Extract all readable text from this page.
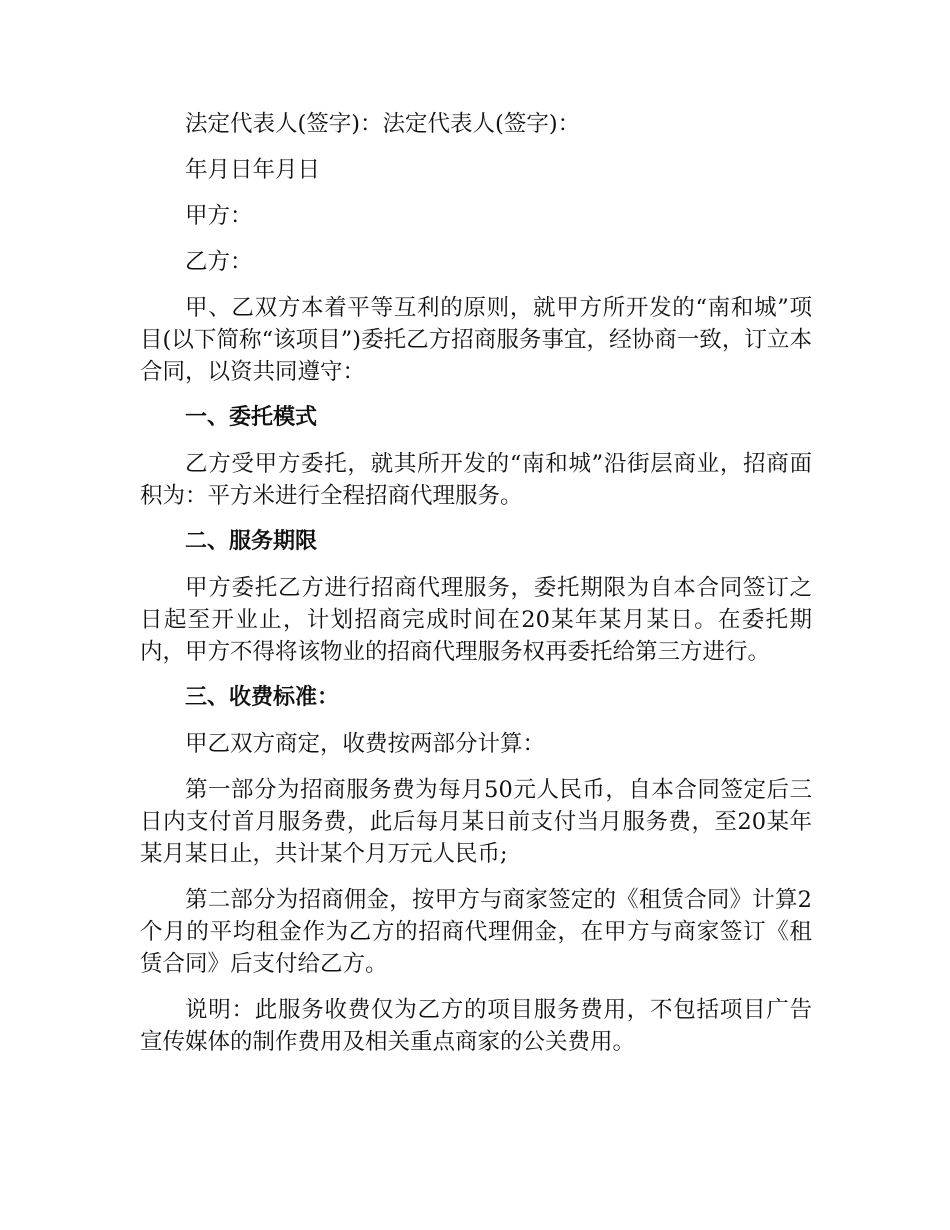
法定代表人(签字)：法定代表人(签字)：

年月日年月日

甲方：

乙方：

甲、乙双方本着平等互利的原则，就甲方所开发的“南和城”项目(以下简称“该项目”)委托乙方招商服务事宜，经协商一致，订立本合同，以资共同遵守：

一、委托模式

乙方受甲方委托，就其所开发的“南和城”沿街层商业，招商面积为：平方米进行全程招商代理服务。

二、服务期限

甲方委托乙方进行招商代理服务，委托期限为自本合同签订之日起至开业止，计划招商完成时间在20某年某月某日。在委托期内，甲方不得将该物业的招商代理服务权再委托给第三方进行。

三、收费标准：

甲乙双方商定，收费按两部分计算：

第一部分为招商服务费为每月50元人民币，自本合同签定后三日内支付首月服务费，此后每月某日前支付当月服务费，至20某年某月某日止，共计某个月万元人民币;

第二部分为招商佣金，按甲方与商家签定的《租赁合同》计算2个月的平均租金作为乙方的招商代理佣金，在甲方与商家签订《租赁合同》后支付给乙方。

说明：此服务收费仅为乙方的项目服务费用，不包括项目广告宣传媒体的制作费用及相关重点商家的公关费用。
